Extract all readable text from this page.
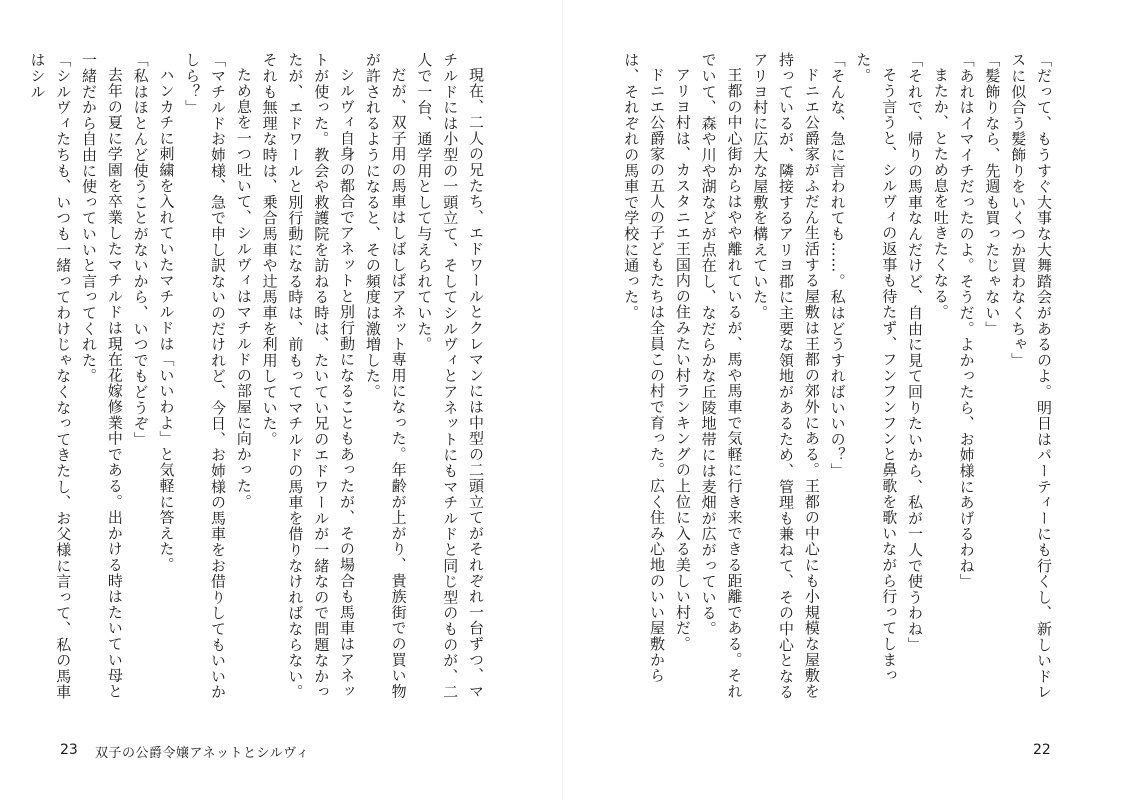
現在、二人の兄たち、エドワールとクレマンには中型の二頭立てがそれぞれ一台ずつ、マチルドには小型の一頭立て、そしてシルヴィとアネットにもマチルドと同じ型のものが、二人で一台、通学用として与えられていた。

だが、双子用の馬車はしばしばアネット専用になった。年齢が上がり、貴族街での買い物が許されるようになると、その頻度は激増した。

シルヴィ自身の都合でアネットと別行動になることもあったが、その場合も馬車はアネットが使った。教会や救護院を訪ねる時は、たいてい兄のエドワールが一緒なので問題なかったが、エドワールと別行動になる時は、前もってマチルドの馬車を借りなければならない。それも無理な時は、乗合馬車や辻馬車を利用していた。

ため息を一つ吐いて、シルヴィはマチルドの部屋に向かった。

「マチルドお姉様、急で申し訳ないのだけれど、今日、お姉様の馬車をお借りしてもいいかしら？」

ハンカチに刺繍を入れていたマチルドは「いいわよ」と気軽に答えた。

「私はほとんど使うことがないから、いつでもどうぞ」

去年の夏に学園を卒業したマチルドは現在花嫁修業中である。出かける時はたいてい母と一緒だから自由に使っていいと言ってくれた。

「シルヴィたちも、いつも一緒ってわけじゃなくなってきたし、お父様に言って、私の馬車はシル

23 双子の公爵令嬢アネットとシルヴィ

「だって、もうすぐ大事な大舞踏会があるのよ。明日はパーティーにも行くし、新しいドレスに似合う髪飾りをいくつか買わなくちゃ」

「髪飾りなら、先週も買ったじゃない」

「あれはイマイチだったのよ。そうだ。よかったら、お姉様にあげるわね」

またか、とため息を吐きたくなる。

「それで、帰りの馬車なんだけど、自由に見て回りたいから、私が一人で使うわね」

そう言うと、シルヴィの返事も待たず、フンフンフンと鼻歌を歌いながら行ってしまった。

「そんな、急に言われても……。私はどうすればいいの？」

ドニエ公爵家がふだん生活する屋敷は王都の郊外にある。王都の中心にも小規模な屋敷を持っているが、隣接するアリヨ郡に主要な領地があるため、管理も兼ねて、その中心となるアリヨ村に広大な屋敷を構えていた。

王都の中心街からはやや離れているが、馬や馬車で気軽に行き来できる距離である。それでいて、森や川や湖などが点在し、なだらかな丘陵地帯には麦畑が広がっている。

アリヨ村は、カスタニエ王国内の住みたい村ランキングの上位に入る美しい村だ。

ドニエ公爵家の五人の子どもたちは全員この村で育った。広く住み心地のいい屋敷からは、それぞれの馬車で学校に通った。

22
